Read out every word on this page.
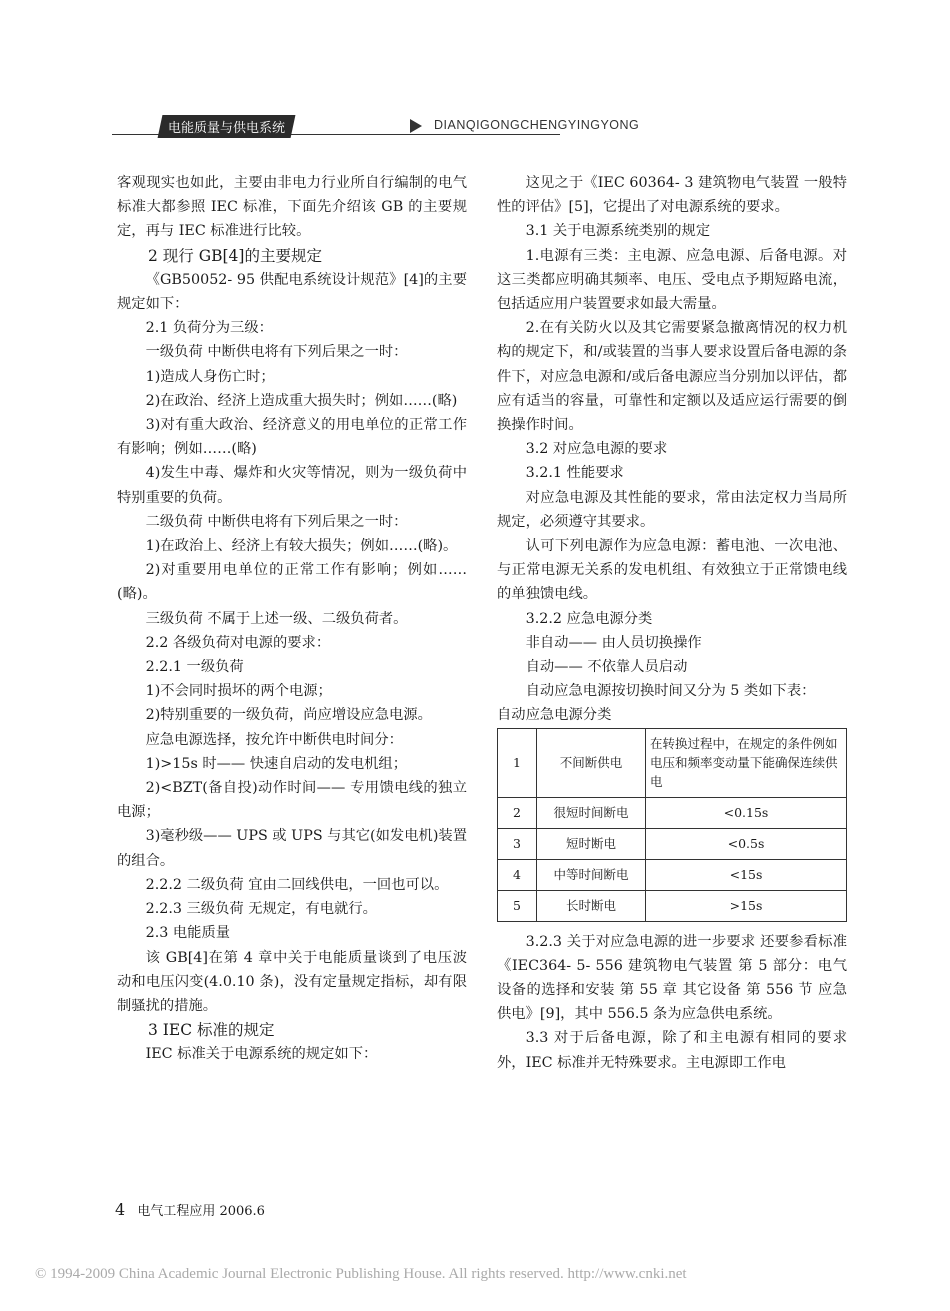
电能质量与供电系统	DIANQIGONGCHENGYINGYONG

客观现实也如此，主要由非电力行业所自行编制的电气标准大都参照 IEC 标准，下面先介绍该 GB 的主要规定，再与 IEC 标准进行比较。

2 现行 GB[4]的主要规定

《GB50052- 95 供配电系统设计规范》[4]的主要规定如下：

2.1 负荷分为三级：

一级负荷 中断供电将有下列后果之一时：

1)造成人身伤亡时；

2)在政治、经济上造成重大损失时；例如……(略)

3)对有重大政治、经济意义的用电单位的正常工作有影响；例如……(略)

4)发生中毒、爆炸和火灾等情况，则为一级负荷中特别重要的负荷。

二级负荷 中断供电将有下列后果之一时：

1)在政治上、经济上有较大损失；例如……(略)。

2)对重要用电单位的正常工作有影响；例如……(略)。

三级负荷 不属于上述一级、二级负荷者。

2.2 各级负荷对电源的要求：

2.2.1 一级负荷

1)不会同时损坏的两个电源；

2)特别重要的一级负荷，尚应增设应急电源。

应急电源选择，按允许中断供电时间分：

1)>15s 时—— 快速自启动的发电机组；

2)<BZT(备自投)动作时间—— 专用馈电线的独立电源；

3)毫秒级—— UPS 或 UPS 与其它(如发电机)装置的组合。

2.2.2 二级负荷 宜由二回线供电，一回也可以。

2.2.3 三级负荷 无规定，有电就行。

2.3 电能质量

该 GB[4]在第 4 章中关于电能质量谈到了电压波动和电压闪变(4.0.10 条)，没有定量规定指标，却有限制骚扰的措施。

3 IEC 标准的规定

IEC 标准关于电源系统的规定如下：

这见之于《IEC 60364- 3 建筑物电气装置 一般特性的评估》[5]，它提出了对电源系统的要求。

3.1 关于电源系统类别的规定

1.电源有三类：主电源、应急电源、后备电源。对这三类都应明确其频率、电压、受电点予期短路电流，包括适应用户装置要求如最大需量。

2.在有关防火以及其它需要紧急撤离情况的权力机构的规定下，和/或装置的当事人要求设置后备电源的条件下，对应急电源和/或后备电源应当分别加以评估，都应有适当的容量，可靠性和定额以及适应运行需要的倒换操作时间。

3.2 对应急电源的要求

3.2.1 性能要求

对应急电源及其性能的要求，常由法定权力当局所规定，必须遵守其要求。

认可下列电源作为应急电源：蓄电池、一次电池、与正常电源无关系的发电机组、有效独立于正常馈电线的单独馈电线。

3.2.2 应急电源分类

非自动—— 由人员切换操作

自动—— 不依靠人员启动

自动应急电源按切换时间又分为 5 类如下表：

自动应急电源分类

1	不间断供电	在转换过程中，在规定的条件例如电压和频率变动量下能确保连续供电
2	很短时间断电	<0.15s
3	短时断电	<0.5s
4	中等时间断电	<15s
5	长时断电	>15s

3.2.3 关于对应急电源的进一步要求 还要参看标准《IEC364- 5- 556 建筑物电气装置 第 5 部分：电气设备的选择和安装 第 55 章 其它设备 第 556 节 应急供电》[9]，其中 556.5 条为应急供电系统。

3.3 对于后备电源，除了和主电源有相同的要求外，IEC 标准并无特殊要求。主电源即工作电

4 电气工程应用 2006.6
© 1994-2009 China Academic Journal Electronic Publishing House. All rights reserved. http://www.cnki.net
